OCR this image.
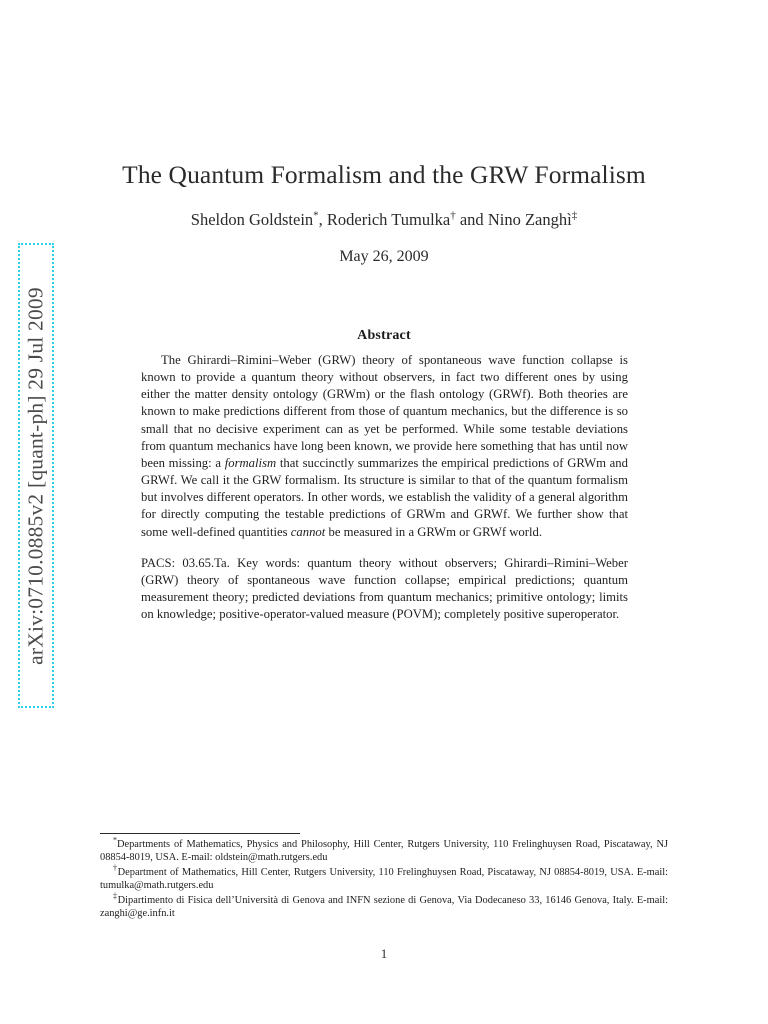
arXiv:0710.0885v2 [quant-ph] 29 Jul 2009
The Quantum Formalism and the GRW Formalism
Sheldon Goldstein*, Roderich Tumulka† and Nino Zanghì‡
May 26, 2009
Abstract

The Ghirardi–Rimini–Weber (GRW) theory of spontaneous wave function collapse is known to provide a quantum theory without observers, in fact two different ones by using either the matter density ontology (GRWm) or the flash ontology (GRWf). Both theories are known to make predictions different from those of quantum mechanics, but the difference is so small that no decisive experiment can as yet be performed. While some testable deviations from quantum mechanics have long been known, we provide here something that has until now been missing: a formalism that succinctly summarizes the empirical predictions of GRWm and GRWf. We call it the GRW formalism. Its structure is similar to that of the quantum formalism but involves different operators. In other words, we establish the validity of a general algorithm for directly computing the testable predictions of GRWm and GRWf. We further show that some well-defined quantities cannot be measured in a GRWm or GRWf world.

PACS: 03.65.Ta. Key words: quantum theory without observers; Ghirardi–Rimini–Weber (GRW) theory of spontaneous wave function collapse; empirical predictions; quantum measurement theory; predicted deviations from quantum mechanics; primitive ontology; limits on knowledge; positive-operator-valued measure (POVM); completely positive superoperator.

*Departments of Mathematics, Physics and Philosophy, Hill Center, Rutgers University, 110 Frelinghuysen Road, Piscataway, NJ 08854-8019, USA. E-mail: oldstein@math.rutgers.edu

†Department of Mathematics, Hill Center, Rutgers University, 110 Frelinghuysen Road, Piscataway, NJ 08854-8019, USA. E-mail: tumulka@math.rutgers.edu

‡Dipartimento di Fisica dell’Università di Genova and INFN sezione di Genova, Via Dodecaneso 33, 16146 Genova, Italy. E-mail: zanghi@ge.infn.it

1
